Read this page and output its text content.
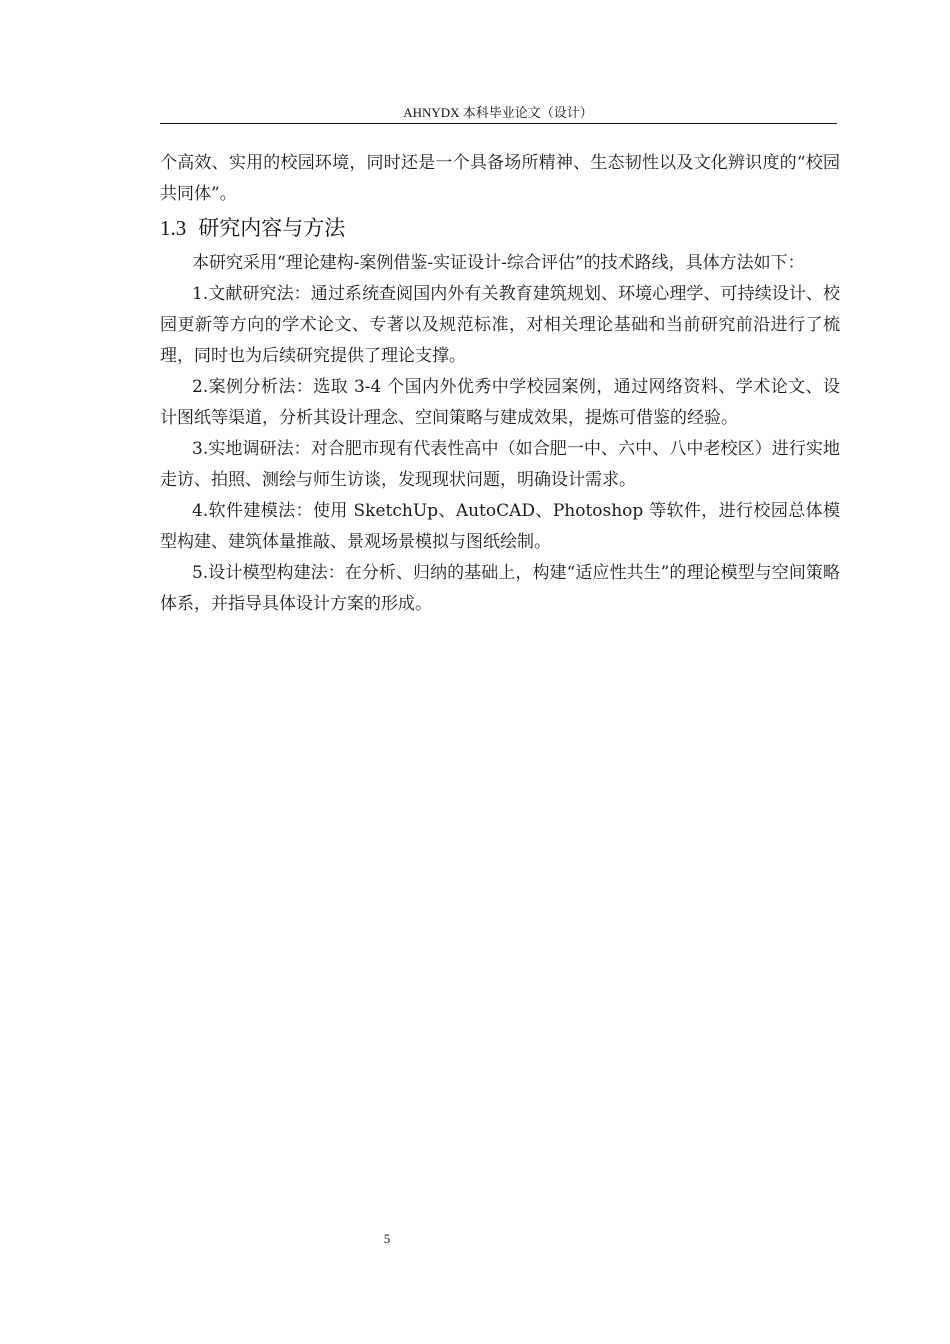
AHNYDX 本科毕业论文（设计）

个高效、实用的校园环境，同时还是一个具备场所精神、生态韧性以及文化辨识度的“校园共同体”。

1.3 研究内容与方法

本研究采用“理论建构-案例借鉴-实证设计-综合评估”的技术路线，具体方法如下：

1.文献研究法：通过系统查阅国内外有关教育建筑规划、环境心理学、可持续设计、校园更新等方向的学术论文、专著以及规范标准，对相关理论基础和当前研究前沿进行了梳理，同时也为后续研究提供了理论支撑。

2.案例分析法：选取 3-4 个国内外优秀中学校园案例，通过网络资料、学术论文、设计图纸等渠道，分析其设计理念、空间策略与建成效果，提炼可借鉴的经验。

3.实地调研法：对合肥市现有代表性高中（如合肥一中、六中、八中老校区）进行实地走访、拍照、测绘与师生访谈，发现现状问题，明确设计需求。

4.软件建模法：使用 SketchUp、AutoCAD、Photoshop 等软件，进行校园总体模型构建、建筑体量推敲、景观场景模拟与图纸绘制。

5.设计模型构建法：在分析、归纳的基础上，构建“适应性共生”的理论模型与空间策略体系，并指导具体设计方案的形成。

5
